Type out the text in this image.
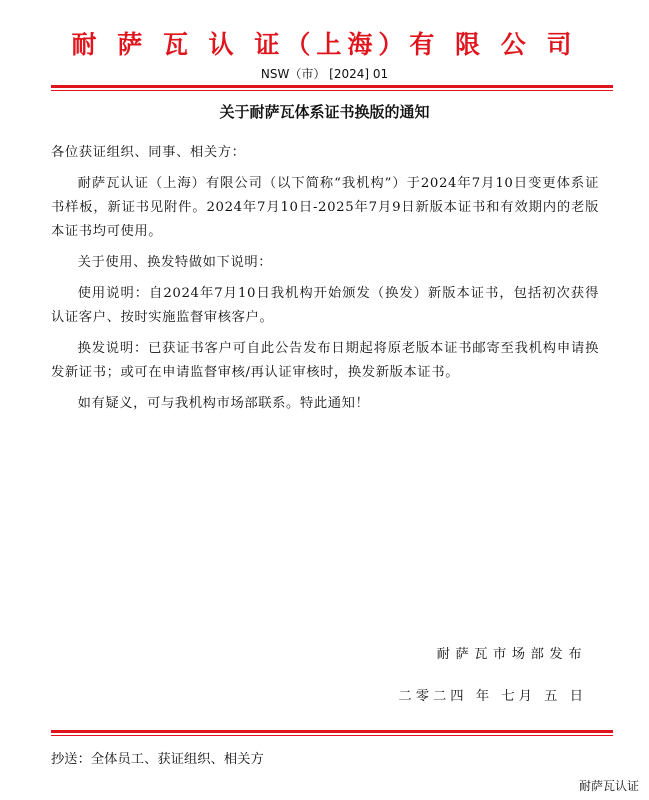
耐 萨 瓦 认 证（上海）有 限 公 司
NSW（市） [2024] 01
关于耐萨瓦体系证书换版的通知

各位获证组织、同事、相关方：

耐萨瓦认证（上海）有限公司（以下简称“我机构”）于2024年7月10日变更体系证书样板，新证书见附件。2024年7月10日-2025年7月9日新版本证书和有效期内的老版本证书均可使用。

关于使用、换发特做如下说明：

使用说明：自2024年7月10日我机构开始颁发（换发）新版本证书，包括初次获得认证客户、按时实施监督审核客户。

换发说明：已获证书客户可自此公告发布日期起将原老版本证书邮寄至我机构申请换发新证书；或可在申请监督审核/再认证审核时，换发新版本证书。

如有疑义，可与我机构市场部联系。特此通知！

耐萨瓦市场部发布
二零二四 年 七月 五 日
抄送：全体员工、获证组织、相关方
耐萨瓦认证
